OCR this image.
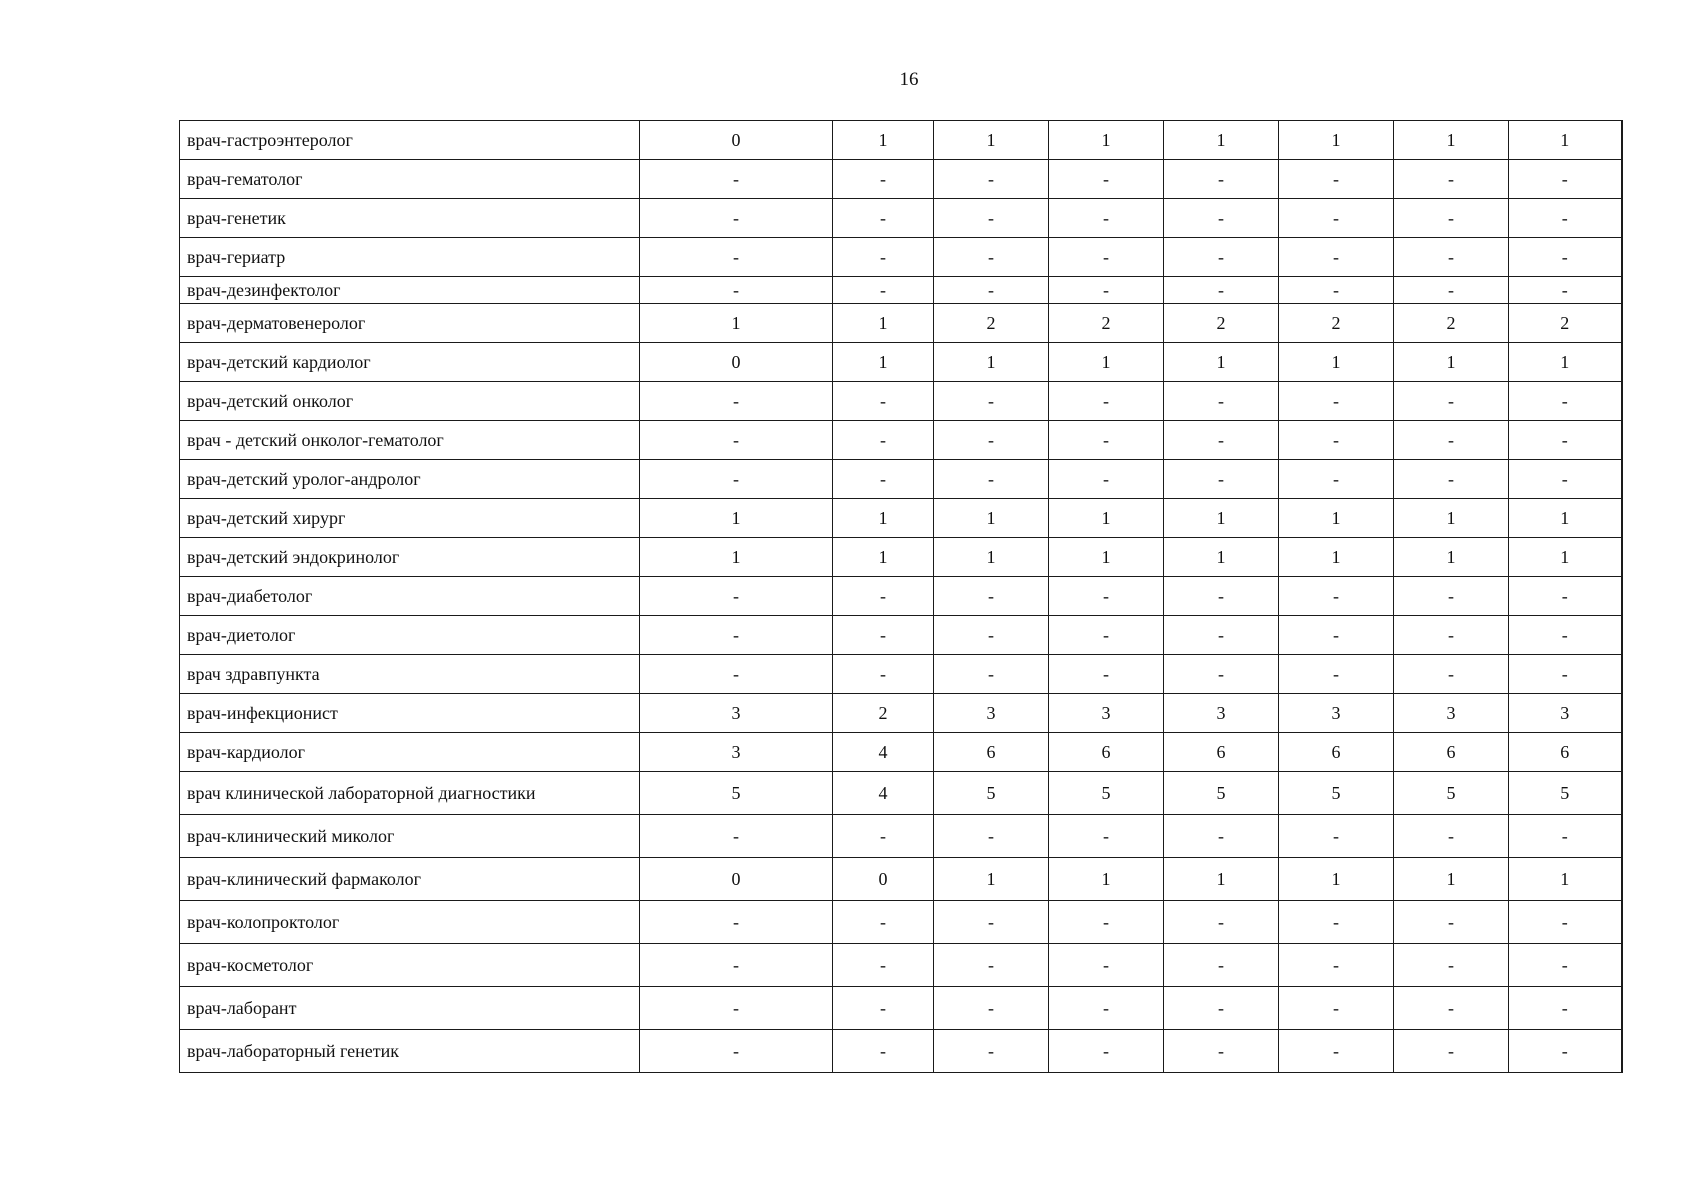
16
врач-гастроэнтеролог	0	1	1	1	1	1	1	1
врач-гематолог	-	-	-	-	-	-	-	-
врач-генетик	-	-	-	-	-	-	-	-
врач-гериатр	-	-	-	-	-	-	-	-
врач-дезинфектолог	-	-	-	-	-	-	-	-
врач-дерматовенеролог	1	1	2	2	2	2	2	2
врач-детский кардиолог	0	1	1	1	1	1	1	1
врач-детский онколог	-	-	-	-	-	-	-	-
врач - детский онколог-гематолог	-	-	-	-	-	-	-	-
врач-детский уролог-андролог	-	-	-	-	-	-	-	-
врач-детский хирург	1	1	1	1	1	1	1	1
врач-детский эндокринолог	1	1	1	1	1	1	1	1
врач-диабетолог	-	-	-	-	-	-	-	-
врач-диетолог	-	-	-	-	-	-	-	-
врач здравпункта	-	-	-	-	-	-	-	-
врач-инфекционист	3	2	3	3	3	3	3	3
врач-кардиолог	3	4	6	6	6	6	6	6
врач клинической лабораторной диагностики	5	4	5	5	5	5	5	5
врач-клинический миколог	-	-	-	-	-	-	-	-
врач-клинический фармаколог	0	0	1	1	1	1	1	1
врач-колопроктолог	-	-	-	-	-	-	-	-
врач-косметолог	-	-	-	-	-	-	-	-
врач-лаборант	-	-	-	-	-	-	-	-
врач-лабораторный генетик	-	-	-	-	-	-	-	-
